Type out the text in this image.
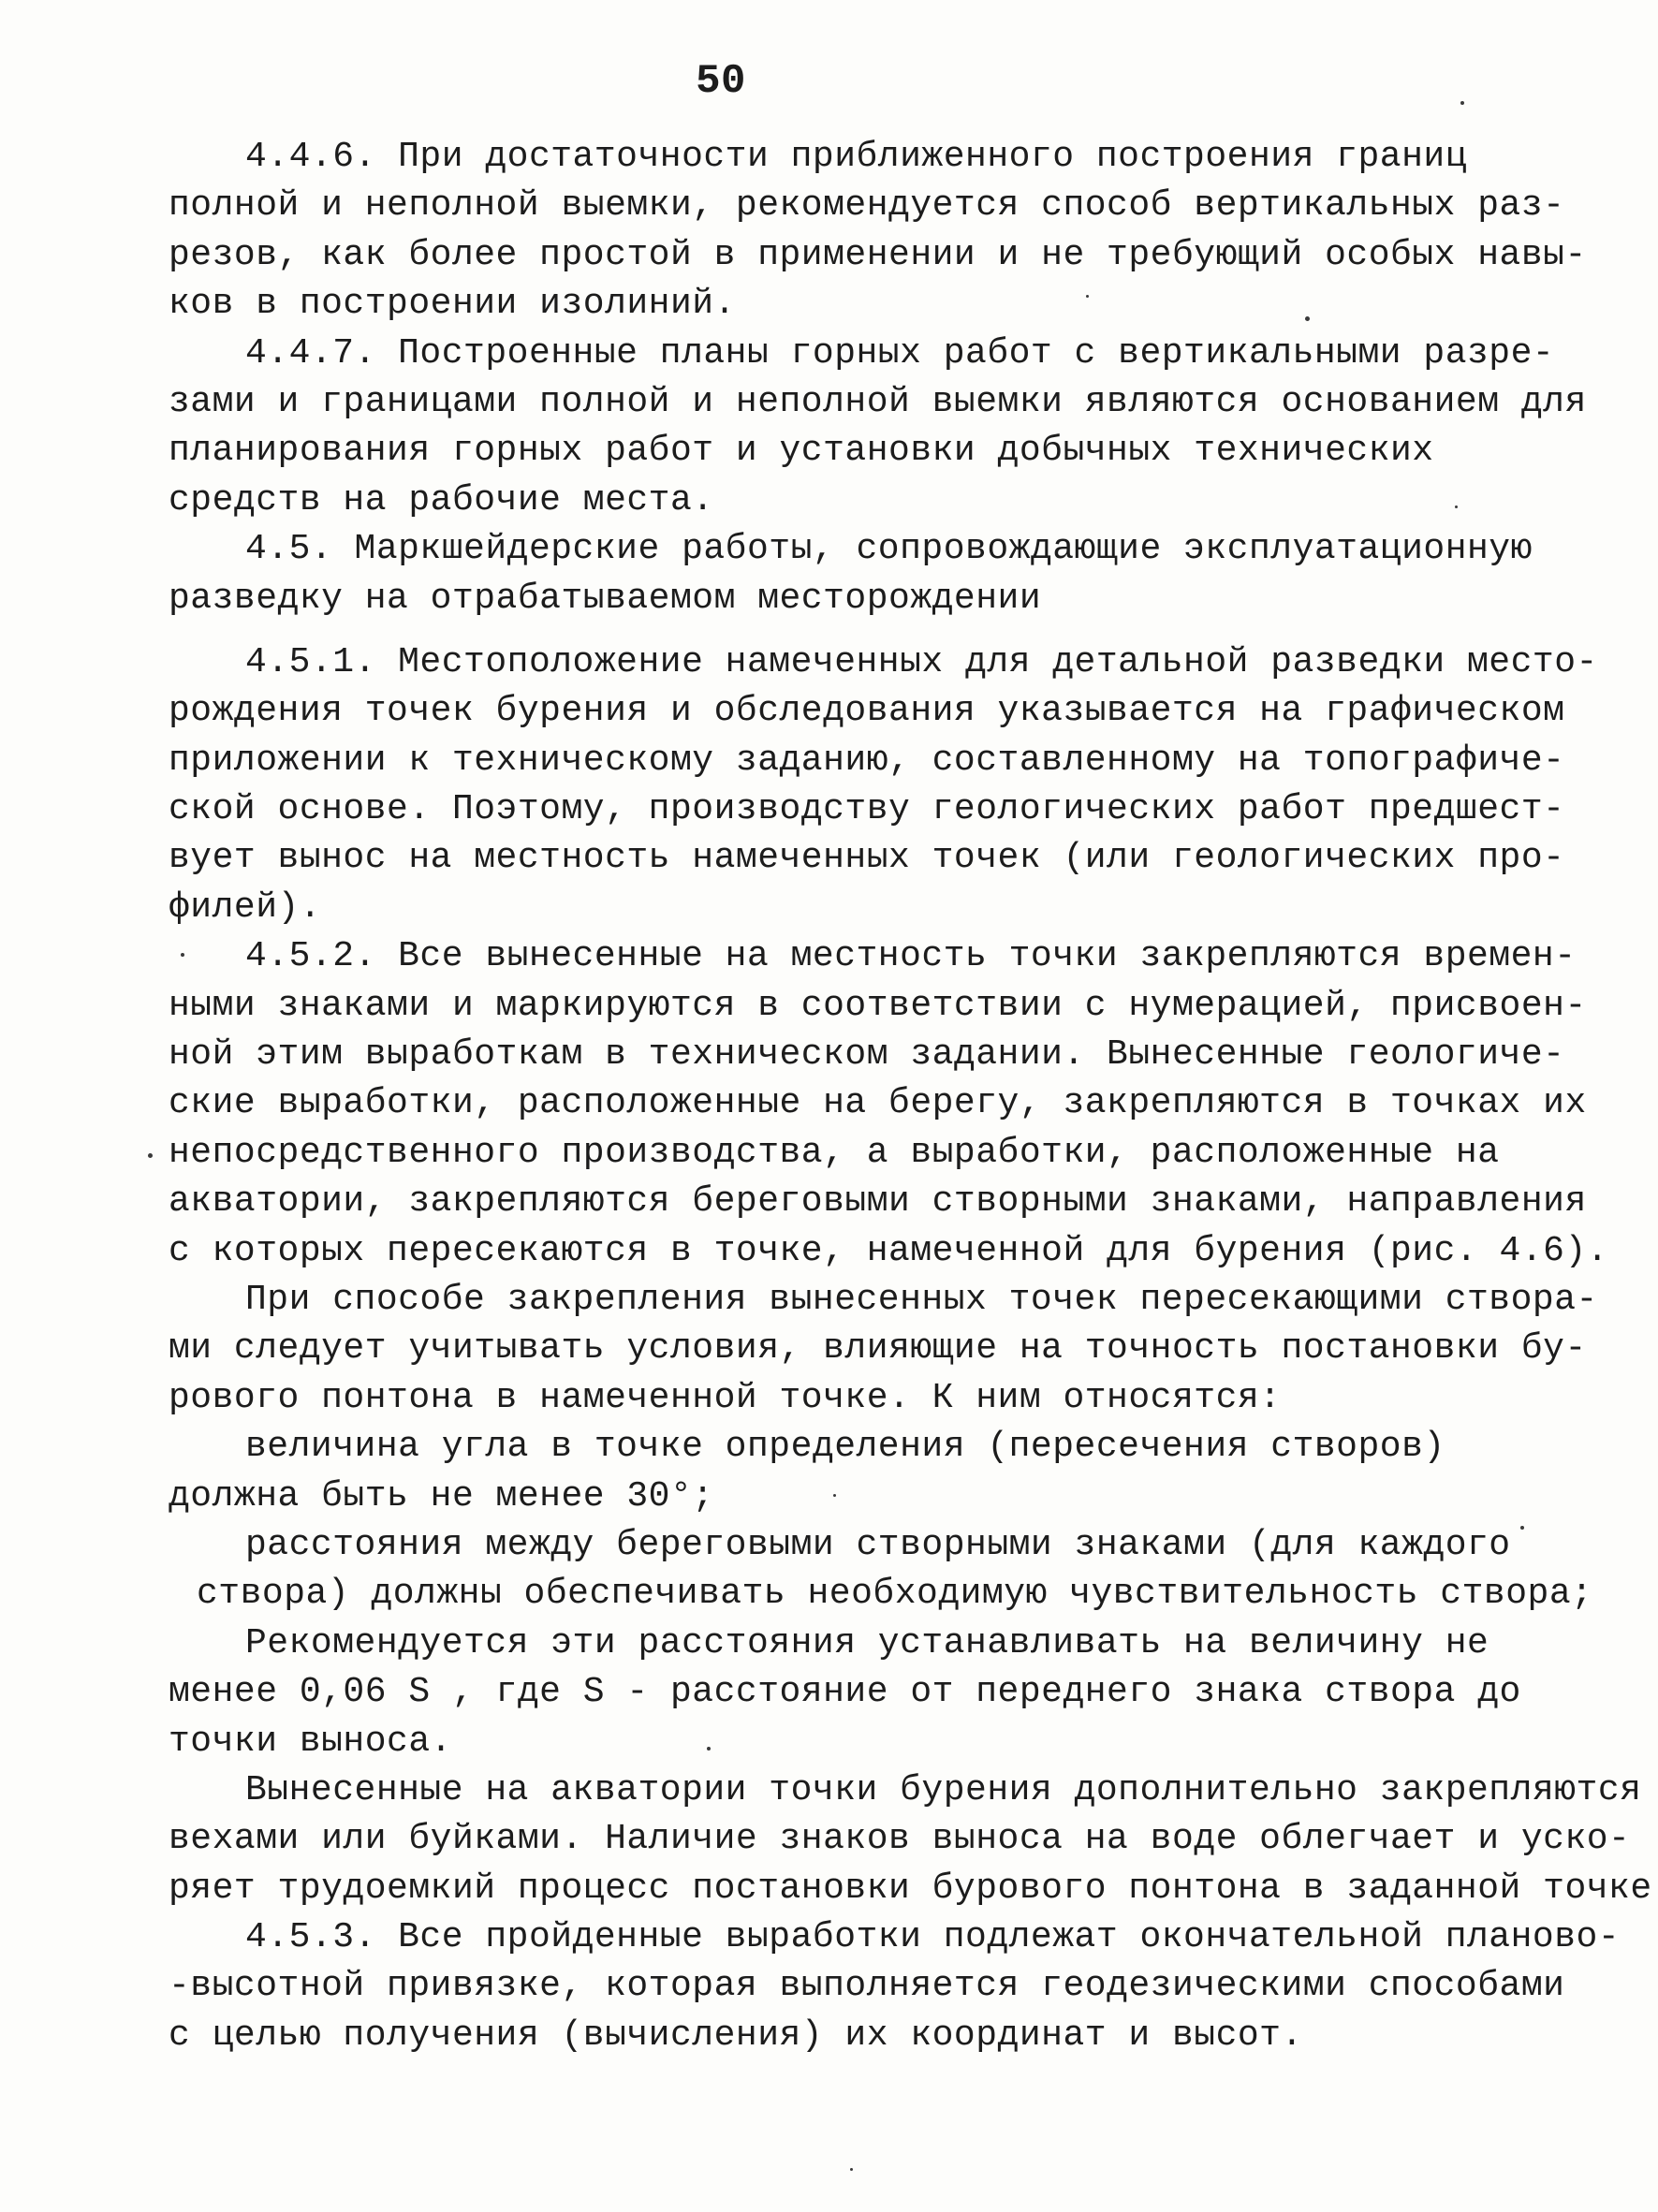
50
4.4.6. При достаточности приближенного построения границ
полной и неполной выемки, рекомендуется способ вертикальных раз-
резов, как более простой в применении и не требующий особых навы-
ков в построении изолиний.
4.4.7. Построенные планы горных работ с вертикальными разре-
зами и границами полной и неполной выемки являются основанием для
планирования горных работ и установки добычных технических
средств на рабочие места.
4.5. Маркшейдерские работы, сопровождающие эксплуатационную
разведку на отрабатываемом месторождении
4.5.1. Местоположение намеченных для детальной разведки место-
рождения точек бурения и обследования указывается на графическом
приложении к техническому заданию, составленному на топографиче-
ской основе. Поэтому, производству геологических работ предшест-
вует вынос на местность намеченных точек (или геологических про-
филей).
4.5.2. Все вынесенные на местность точки закрепляются времен-
ными знаками и маркируются в соответствии с нумерацией, присвоен-
ной этим выработкам в техническом задании. Вынесенные геологиче-
ские выработки, расположенные на берегу, закрепляются в точках их
непосредственного производства, а выработки, расположенные на
акватории, закрепляются береговыми створными знаками, направления
с которых пересекаются в точке, намеченной для бурения (рис. 4.6).
При способе закрепления вынесенных точек пересекающими створа-
ми следует учитывать условия, влияющие на точность постановки бу-
рового понтона в намеченной точке. К ним относятся:
величина угла в точке определения (пересечения створов)
должна быть не менее 30°;
расстояния между береговыми створными знаками (для каждого
створа) должны обеспечивать необходимую чувствительность створа;
Рекомендуется эти расстояния устанавливать на величину не
менее 0,06 S , где S - расстояние от переднего знака створа до
точки выноса.
Вынесенные на акватории точки бурения дополнительно закрепляются
вехами или буйками. Наличие знаков выноса на воде облегчает и уско-
ряет трудоемкий процесс постановки бурового понтона в заданной точке
4.5.3. Все пройденные выработки подлежат окончательной планово-
-высотной привязке, которая выполняется геодезическими способами
с целью получения (вычисления) их координат и высот.
